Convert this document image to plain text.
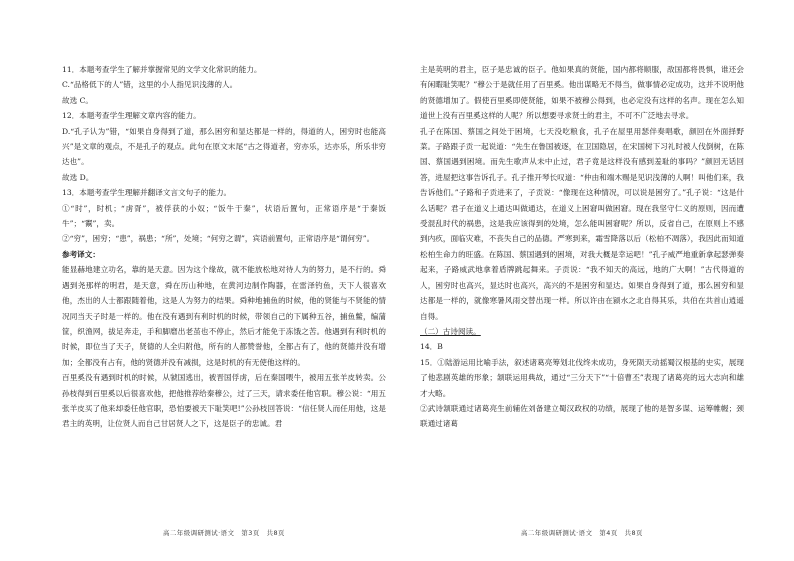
11．本题考查学生了解并掌握常见的文学文化常识的能力。

C.“品格低下的人”错，这里的小人指见识浅薄的人。

故选 C。

12．本题考查学生理解文章内容的能力。

D.“孔子认为”错，“如果自身得到了道，那么困穷和显达都是一样的，得道的人，困穷时也能高兴”是文章的观点，不是孔子的观点。此句在原文末尾“古之得道者，穷亦乐，达亦乐，所乐非穷达也”。

故选 D。

13．本题考查学生理解并翻译文言文句子的能力。

①“时”，时机；“虏胥”，被俘获的小奴；“饭牛于秦”，状语后置句，正常语序是“于秦饭牛”；“鬻”，卖。

②“穷”，困穷；“患”，祸患；“所”，处境；“何穷之谓”，宾语前置句，正常语序是“谓何穷”。

参考译文：

能显赫地建立功名，靠的是天意。因为这个缘故，就不能放松地对待人为的努力，是不行的。舜遇到尧那样的明君，是天意，舜在历山种地，在黄河边制作陶器，在雷泽钓鱼，天下人很喜欢他，杰出的人士都跟随着他，这是人为努力的结果。舜种地捕鱼的时候，他的贤能与不贤能的情况同当天子时是一样的。他在没有遇到有利时机的时候，带领自己的下属种五谷，捕鱼鳖，编蒲筐，织渔网，拔足奔走，手和脚磨出老茧也不停止，然后才能免于冻饿之苦。他遇到有利时机的时候，即位当了天子，贤德的人全归附他，所有的人都赞誉他，全都占有了，他的贤德并没有增加；全都没有占有，他的贤德并没有减损，这是时机的有无使他这样的。

百里奚没有遇到时机的时候，从虢国逃出，被晋国俘虏，后在秦国喂牛，被用五张羊皮转卖。公孙枝得到百里奚以后很喜欢他，把他推荐给秦穆公，过了三天，请求委任他官职。穆公说：“用五张羊皮买了他来却委任他官职，恐怕要被天下耻笑吧!”公孙枝回答说：“信任贤人而任用他，这是君主的英明，让位贤人而自己甘居贤人之下，这是臣子的忠诚。君

主是英明的君主，臣子是忠诚的臣子。他如果真的贤能，国内都将顺服，敌国都将畏惧，谁还会有闲暇耻笑呢？”穆公于是就任用了百里奚。他出谋略无不得当，做事情必定成功，这并不说明他的贤德增加了。假使百里奚即使贤能，如果不被穆公得到，也必定没有这样的名声。现在怎么知道世上没有百里奚这样的人呢？所以想要寻求贤士的君主，不可不广泛地去寻求。

孔子在陈国、蔡国之间处于困境，七天没吃粮食，孔子在屋里用瑟伴奏唱歌，颜回在外面择野菜。子路跟子贡一起说道：“先生在鲁国被逐，在卫国隐居，在宋国树下习礼时被人伐倒树，在陈国、蔡国遇到困境。而先生歌声从未中止过，君子竟是这样没有感到羞耻的事吗？”颜回无话回答，进屋把这事告诉孔子。孔子推开琴长叹道：“仲由和端木赐是见识浅薄的人啊！叫他们来，我告诉他们。”子路和子贡进来了，子贡说：“像现在这种情况，可以说是困穷了。”孔子说：“这是什么话呢？君子在道义上通达叫做通达，在道义上困窘叫做困窘。现在我坚守仁义的原则，因而遭受混乱时代的祸患，这是我应该得到的处境，怎么能叫困窘呢？所以，反省自己，在原则上不感到内疚，面临灾难，不丧失自己的品德。严寒到来，霜雪降落以后（松柏不凋落），我因此而知道松柏生命力的旺盛。在陈国、蔡国遇到的困境，对我大概是幸运吧！”孔子威严地重新拿起瑟弹奏起来，子路威武地拿着盾牌跳起舞来。子贡说：“我不知天的高远，地的广大啊！”古代得道的人，困穷时也高兴，显达时也高兴，高兴的不是困穷和显达。如果自身得到了道，那么困穷和显达都是一样的，就像寒暑风雨交替出现一样。所以许由在颍水之北自得其乐，共伯在共首山逍遥自得。

（二）古诗阅读。

14．B

15．①陆游运用比喻手法，叙述诸葛亮筹划北伐终未成功，身死陨天动摇蜀汉根基的史实，展现了他悲剧英雄的形象；颔联运用典故，通过“三分天下”“十倍曹丕”表现了诸葛亮的远大志向和雄才大略。

②武诗颔联通过诸葛亮生前辅佐刘备建立蜀汉政权的功绩，展现了他的是智多谋、运筹帷幄；颈联通过诸葛

高二年级调研测试·语文　第3页　共8页	高二年级调研测试·语文　第4页　共8页
